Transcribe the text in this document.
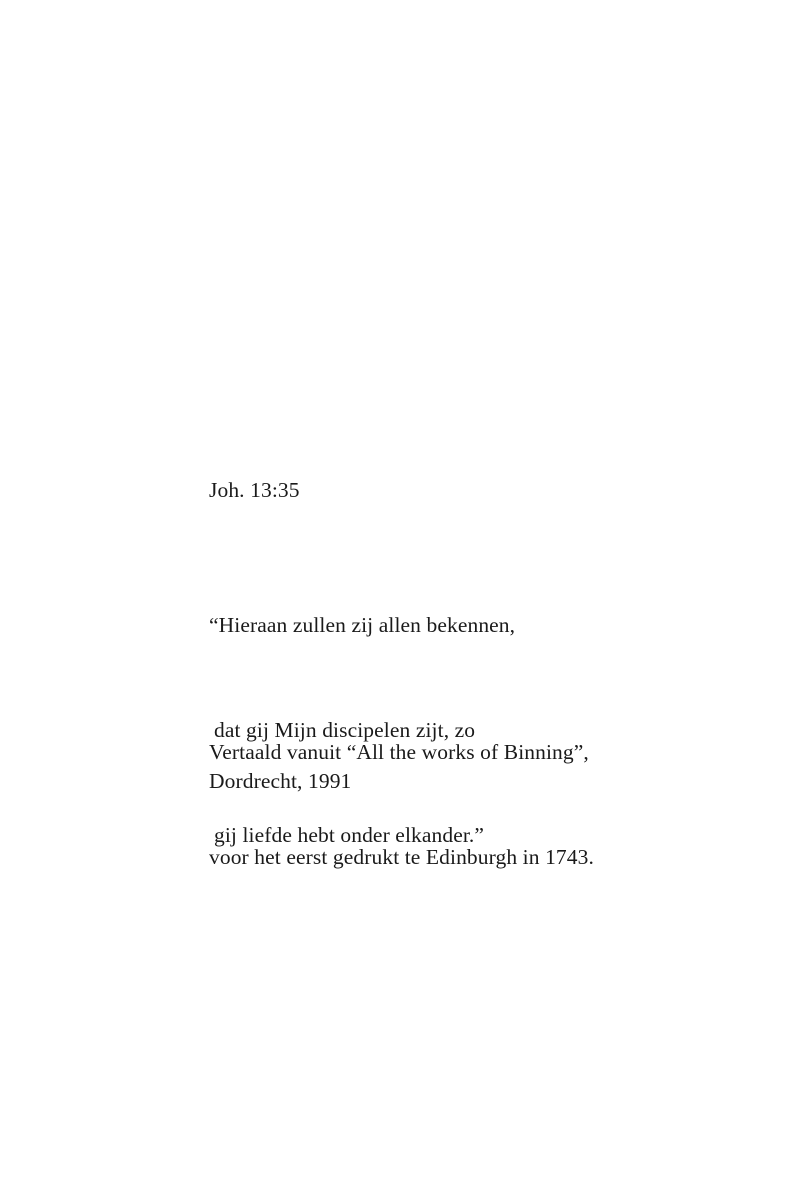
Joh. 13:35

“Hieraan zullen zij allen bekennen,

dat gij Mijn discipelen zijt, zo

gij liefde hebt onder elkander.”

Vertaald vanuit “All the works of Binning”,

voor het eerst gedrukt te Edinburgh in 1743.

Dordrecht, 1991
